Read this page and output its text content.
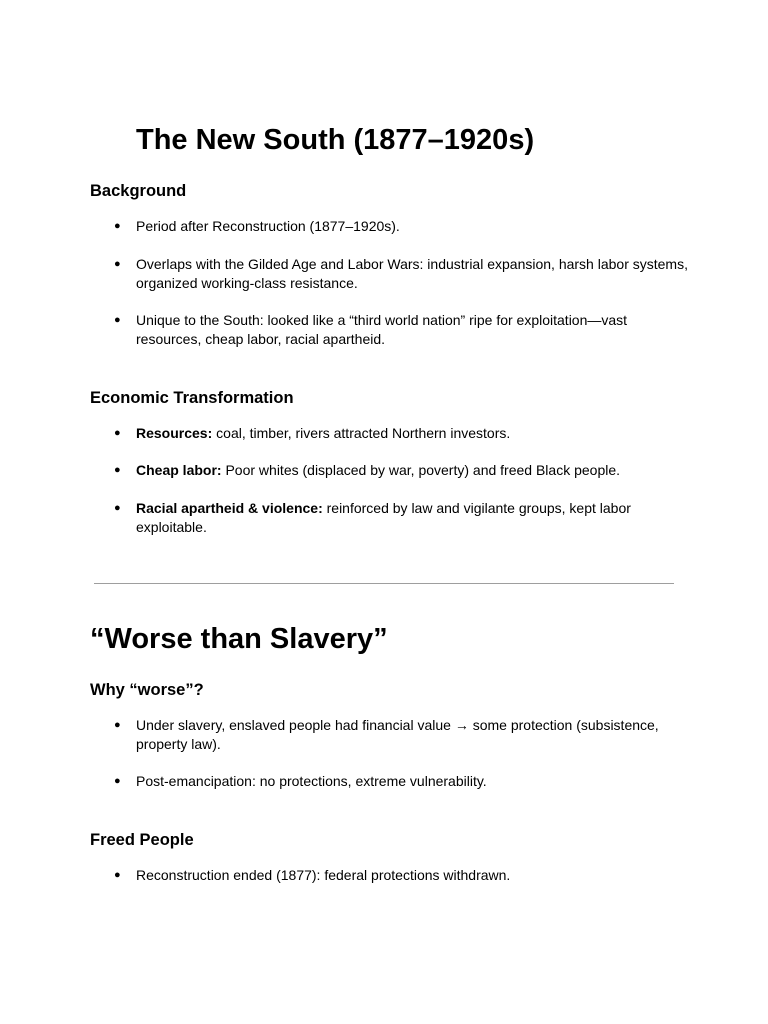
The New South (1877–1920s)
Background
● Period after Reconstruction (1877–1920s).
● Overlaps with the Gilded Age and Labor Wars: industrial expansion, harsh labor systems, organized working-class resistance.
● Unique to the South: looked like a “third world nation” ripe for exploitation—vast resources, cheap labor, racial apartheid.
Economic Transformation
● Resources: coal, timber, rivers attracted Northern investors.
● Cheap labor: Poor whites (displaced by war, poverty) and freed Black people.
● Racial apartheid & violence: reinforced by law and vigilante groups, kept labor exploitable.
“Worse than Slavery”
Why “worse”?
● Under slavery, enslaved people had financial value → some protection (subsistence, property law).
● Post-emancipation: no protections, extreme vulnerability.
Freed People
● Reconstruction ended (1877): federal protections withdrawn.
